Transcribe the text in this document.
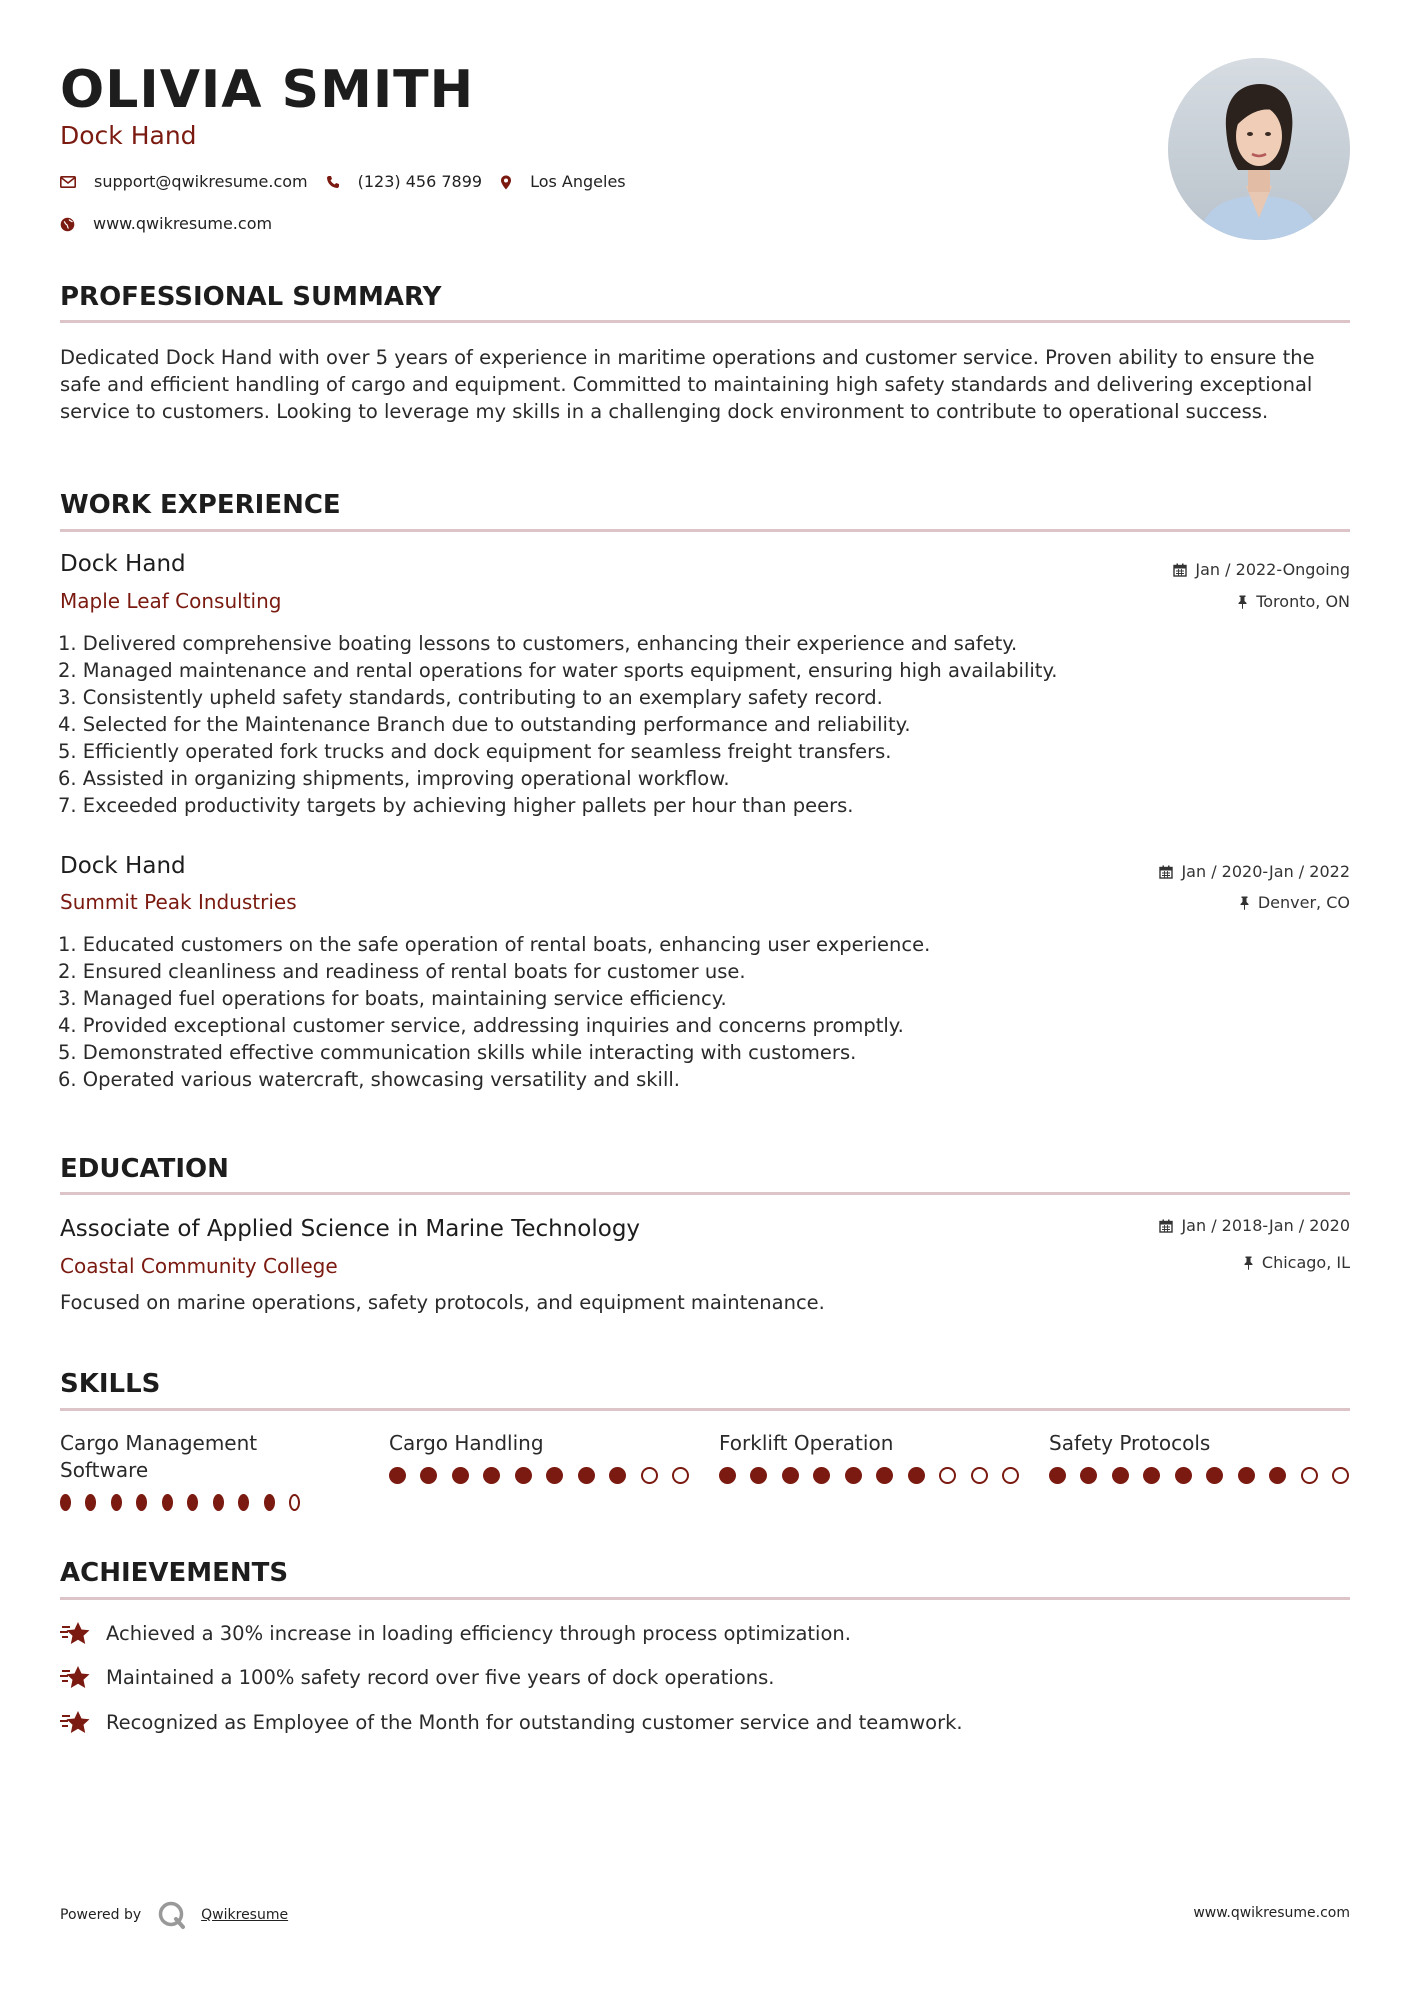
OLIVIA SMITH
Dock Hand
support@qwikresume.com	(123) 456 7899	Los Angeles
www.qwikresume.com
PROFESSIONAL SUMMARY
Dedicated Dock Hand with over 5 years of experience in maritime operations and customer service. Proven ability to ensure the safe and efficient handling of cargo and equipment. Committed to maintaining high safety standards and delivering exceptional service to customers. Looking to leverage my skills in a challenging dock environment to contribute to operational success.
WORK EXPERIENCE
Dock Hand
Maple Leaf Consulting
Jan / 2022-Ongoing
Toronto, ON
1. Delivered comprehensive boating lessons to customers, enhancing their experience and safety.
2. Managed maintenance and rental operations for water sports equipment, ensuring high availability.
3. Consistently upheld safety standards, contributing to an exemplary safety record.
4. Selected for the Maintenance Branch due to outstanding performance and reliability.
5. Efficiently operated fork trucks and dock equipment for seamless freight transfers.
6. Assisted in organizing shipments, improving operational workflow.
7. Exceeded productivity targets by achieving higher pallets per hour than peers.
Dock Hand
Summit Peak Industries
Jan / 2020-Jan / 2022
Denver, CO
1. Educated customers on the safe operation of rental boats, enhancing user experience.
2. Ensured cleanliness and readiness of rental boats for customer use.
3. Managed fuel operations for boats, maintaining service efficiency.
4. Provided exceptional customer service, addressing inquiries and concerns promptly.
5. Demonstrated effective communication skills while interacting with customers.
6. Operated various watercraft, showcasing versatility and skill.
EDUCATION
Associate of Applied Science in Marine Technology
Coastal Community College
Jan / 2018-Jan / 2020
Chicago, IL
Focused on marine operations, safety protocols, and equipment maintenance.
SKILLS
Cargo Management Software
Cargo Handling	Forklift Operation	Safety Protocols
ACHIEVEMENTS
Achieved a 30% increase in loading efficiency through process optimization.
Maintained a 100% safety record over five years of dock operations.
Recognized as Employee of the Month for outstanding customer service and teamwork.
Powered by	Qwikresume	www.qwikresume.com
